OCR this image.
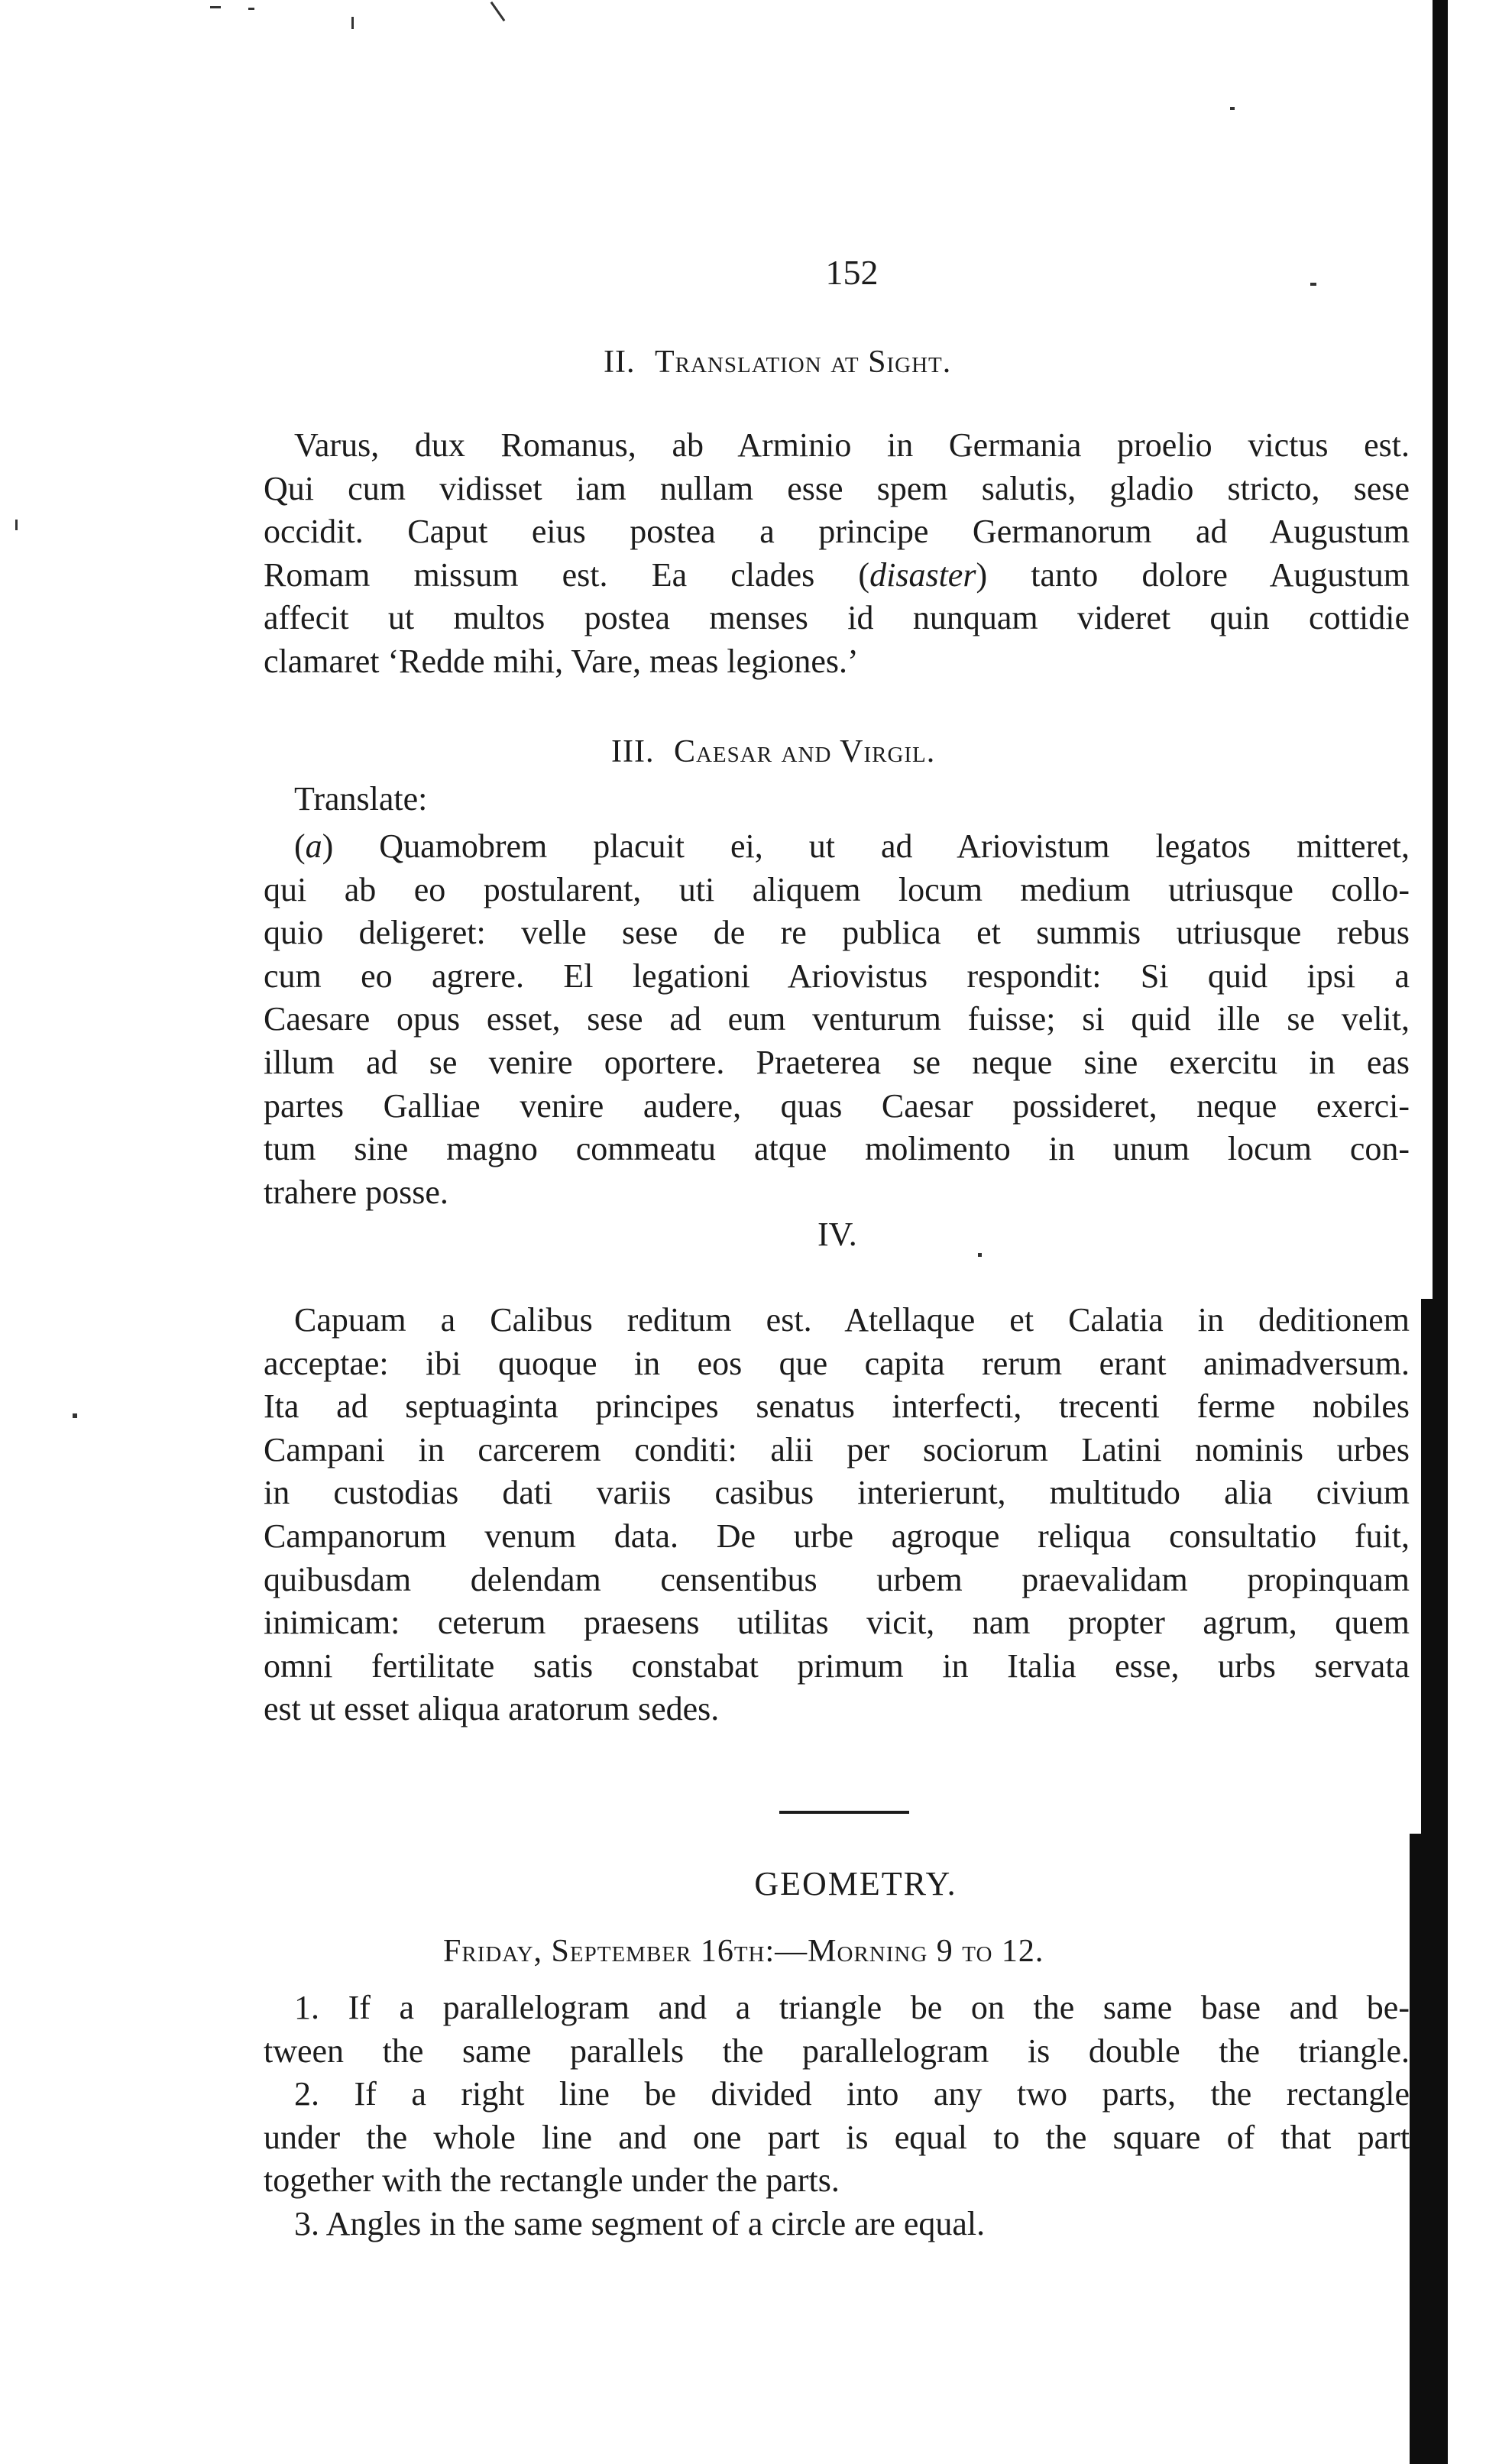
152
II. Translation at Sight.
Varus, dux Romanus, ab Arminio in Germania proelio victus est.
Qui cum vidisset iam nullam esse spem salutis, gladio stricto, sese
occidit. Caput eius postea a principe Germanorum ad Augustum
Romam missum est. Ea clades (disaster) tanto dolore Augustum
affecit ut multos postea menses id nunquam videret quin cottidie
clamaret ‘Redde mihi, Vare, meas legiones.’
III. Caesar and Virgil.
Translate:
(a) Quamobrem placuit ei, ut ad Ariovistum legatos mitteret,
qui ab eo postularent, uti aliquem locum medium utriusque collo-
quio deligeret: velle sese de re publica et summis utriusque rebus
cum eo agrere. El legationi Ariovistus respondit: Si quid ipsi a
Caesare opus esset, sese ad eum venturum fuisse; si quid ille se velit,
illum ad se venire oportere. Praeterea se neque sine exercitu in eas
partes Galliae venire audere, quas Caesar possideret, neque exerci-
tum sine magno commeatu atque molimento in unum locum con-
trahere posse.
IV.
Capuam a Calibus reditum est. Atellaque et Calatia in deditionem
acceptae: ibi quoque in eos que capita rerum erant animadversum.
Ita ad septuaginta principes senatus interfecti, trecenti ferme nobiles
Campani in carcerem conditi: alii per sociorum Latini nominis urbes
in custodias dati variis casibus interierunt, multitudo alia civium
Campanorum venum data. De urbe agroque reliqua consultatio fuit,
quibusdam delendam censentibus urbem praevalidam propinquam
inimicam: ceterum praesens utilitas vicit, nam propter agrum, quem
omni fertilitate satis constabat primum in Italia esse, urbs servata
est ut esset aliqua aratorum sedes.
GEOMETRY.
Friday, September 16th:—Morning 9 to 12.
1. If a parallelogram and a triangle be on the same base and be-
tween the same parallels the parallelogram is double the triangle.
2. If a right line be divided into any two parts, the rectangle
under the whole line and one part is equal to the square of that part
together with the rectangle under the parts.
3. Angles in the same segment of a circle are equal.
